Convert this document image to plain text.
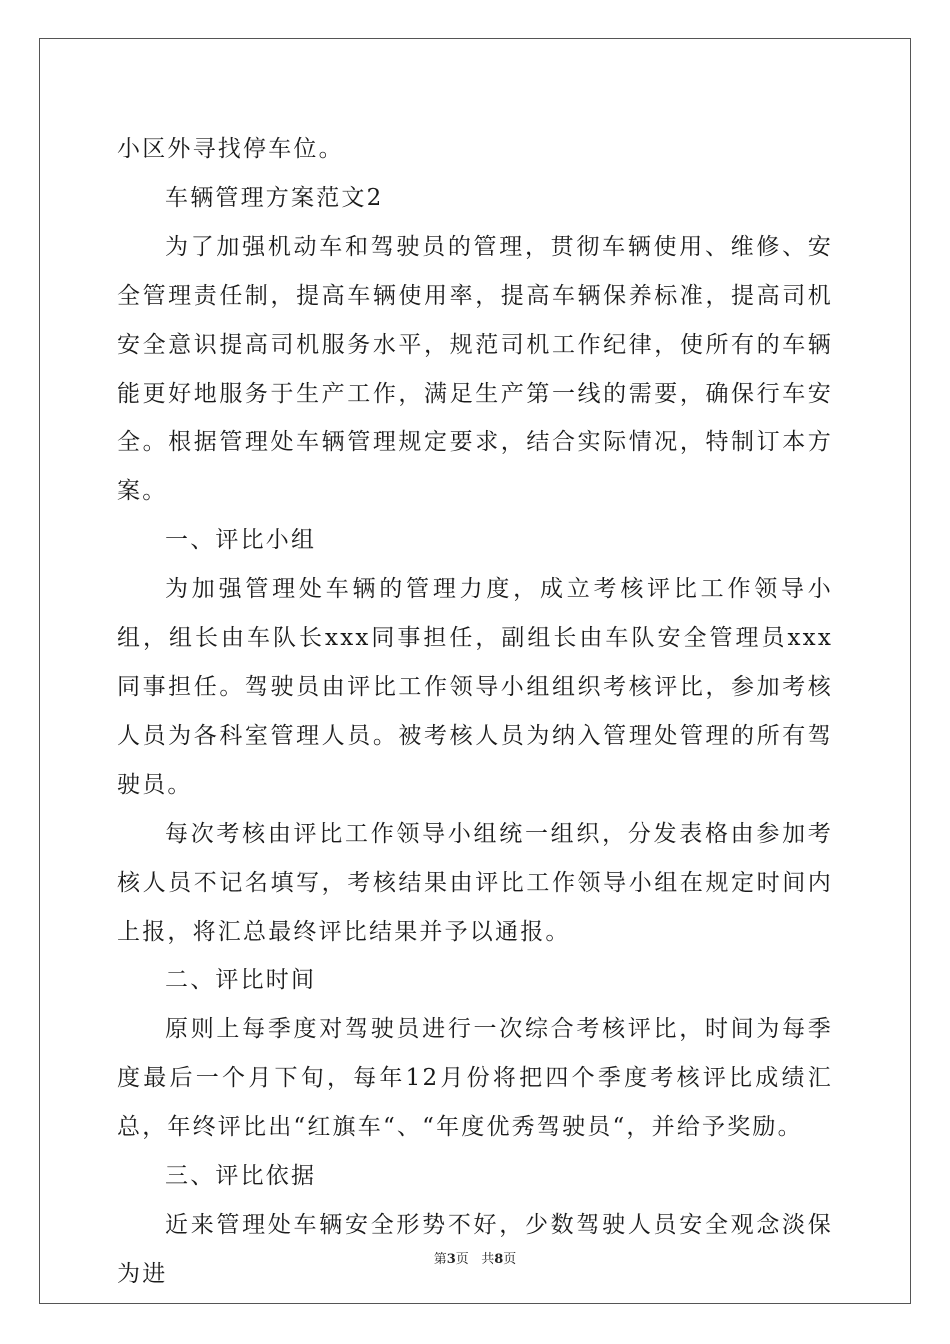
小区外寻找停车位。

车辆管理方案范文2

为了加强机动车和驾驶员的管理，贯彻车辆使用、维修、安全管理责任制，提高车辆使用率，提高车辆保养标准，提高司机安全意识提高司机服务水平，规范司机工作纪律，使所有的车辆能更好地服务于生产工作，满足生产第一线的需要，确保行车安全。根据管理处车辆管理规定要求，结合实际情况，特制订本方案。

一、评比小组

为加强管理处车辆的管理力度，成立考核评比工作领导小组，组长由车队长xxx同事担任，副组长由车队安全管理员xxx同事担任。驾驶员由评比工作领导小组组织考核评比，参加考核人员为各科室管理人员。被考核人员为纳入管理处管理的所有驾驶员。

每次考核由评比工作领导小组统一组织，分发表格由参加考核人员不记名填写，考核结果由评比工作领导小组在规定时间内上报，将汇总最终评比结果并予以通报。

二、评比时间

原则上每季度对驾驶员进行一次综合考核评比，时间为每季度最后一个月下旬，每年12月份将把四个季度考核评比成绩汇总，年终评比出“红旗车“、“年度优秀驾驶员“，并给予奖励。

三、评比依据

近来管理处车辆安全形势不好，少数驾驶人员安全观念淡保为进

第3页 共8页
